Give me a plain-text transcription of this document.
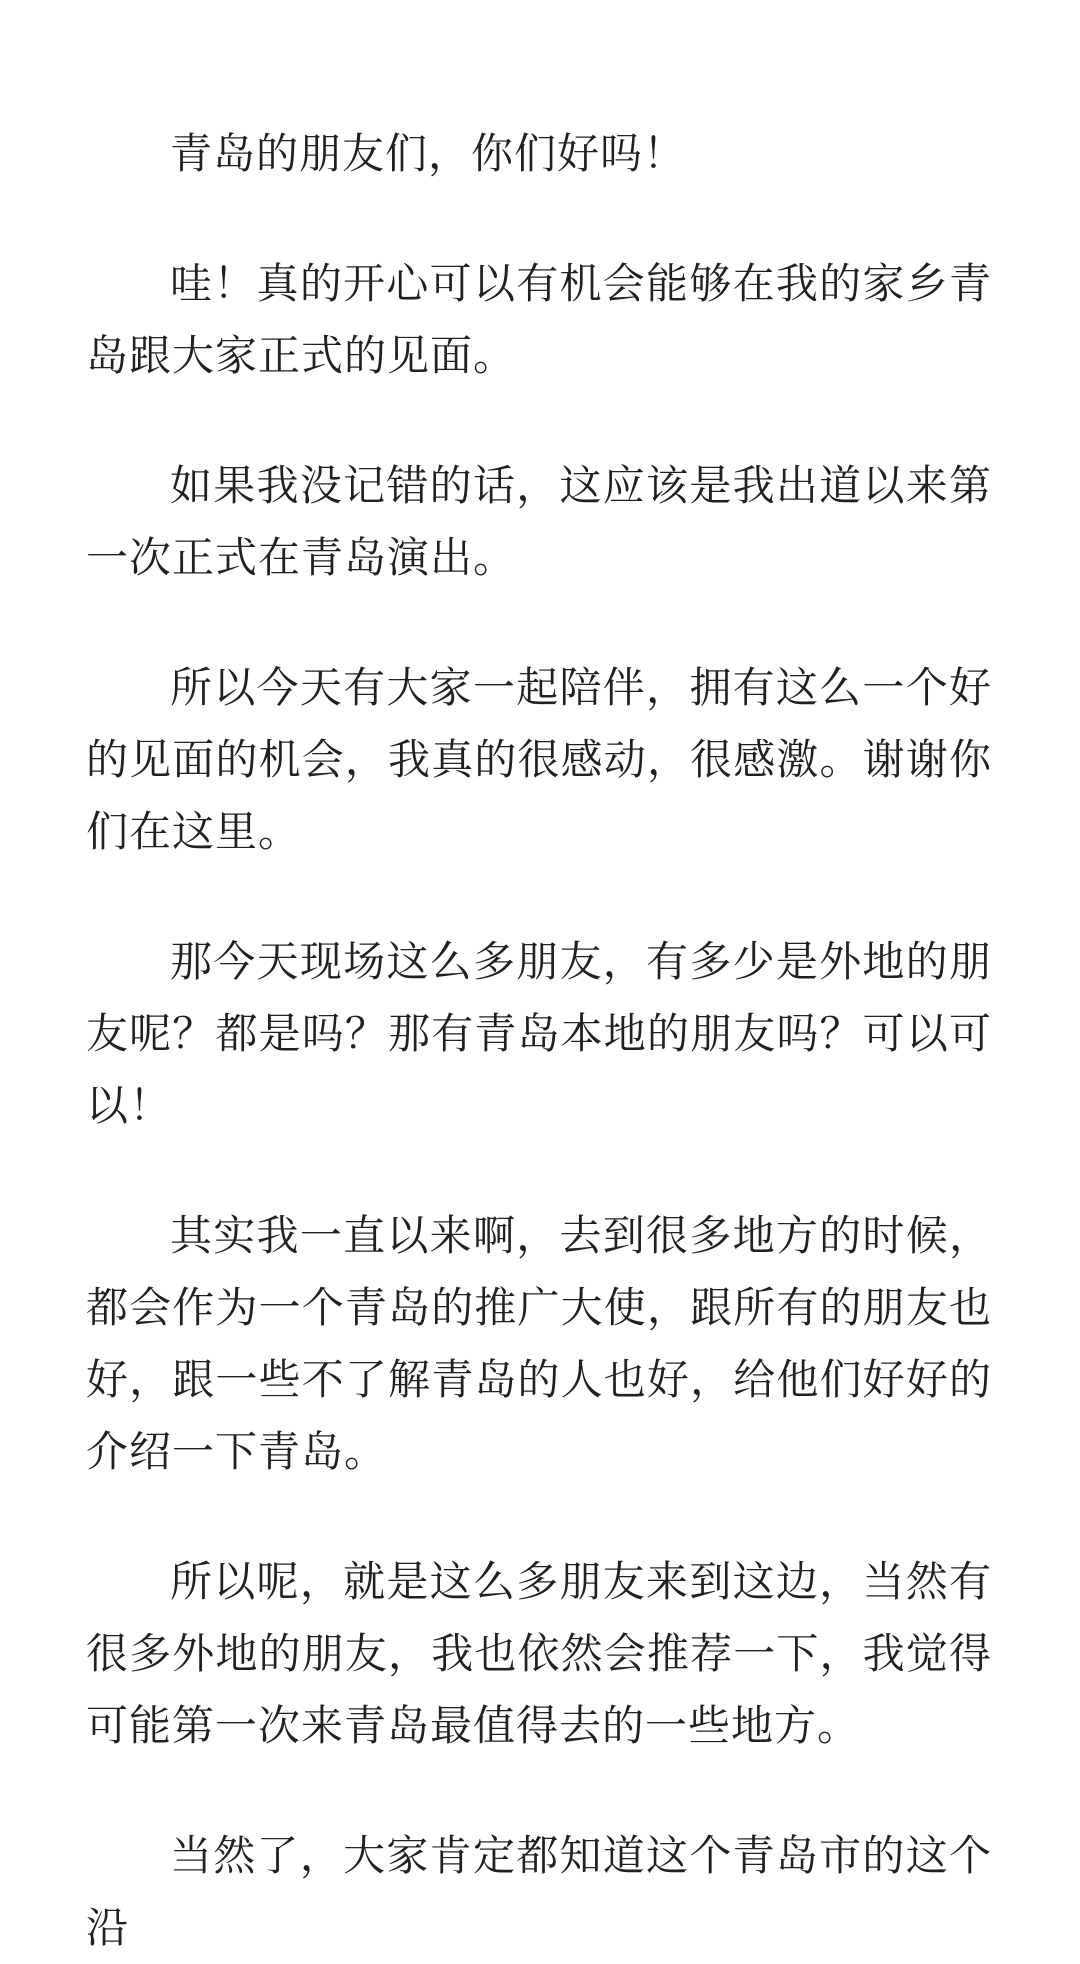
青岛的朋友们，你们好吗！

哇！真的开心可以有机会能够在我的家乡青岛跟大家正式的见面。

如果我没记错的话，这应该是我出道以来第一次正式在青岛演出。

所以今天有大家一起陪伴，拥有这么一个好的见面的机会，我真的很感动，很感激。谢谢你们在这里。

那今天现场这么多朋友，有多少是外地的朋友呢？都是吗？那有青岛本地的朋友吗？可以可以！

其实我一直以来啊，去到很多地方的时候，都会作为一个青岛的推广大使，跟所有的朋友也好，跟一些不了解青岛的人也好，给他们好好的介绍一下青岛。

所以呢，就是这么多朋友来到这边，当然有很多外地的朋友，我也依然会推荐一下，我觉得可能第一次来青岛最值得去的一些地方。

当然了，大家肯定都知道这个青岛市的这个沿
